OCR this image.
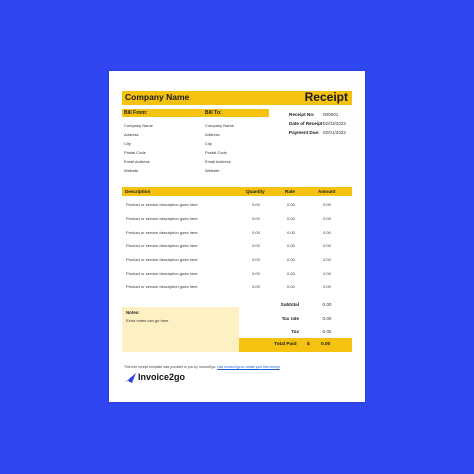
Company Name	Receipt
Bill From:	Bill To:
Company Name
Address
City
Postal Code
Email Address
Website
Company Name
Address
City
Postal Code
Email Address
Website
Receipt No: 000001
Date of Receipt: 02/03/2022
Payment Due: 02/01/2022
Description	Quantity	Rate	Amount
Product or service description goes here	0.00	0.00	0.00
Product or service description goes here	0.00	0.00	0.00
Product or service description goes here	0.00	0.00	0.00
Product or service description goes here	0.00	0.00	0.00
Product or service description goes here	0.00	0.00	0.00
Product or service description goes here	0.00	0.00	0.00
Product or service description goes here	0.00	0.00	0.00
Notes:
Extra notes can go here
Subtotal	0.00
Tax rate	0.00
Tax	0.00
Total Paid $ 0.00
This free receipt template was provided to you by Invoice2go. Use Invoice2go to create your first receipt
Invoice2go
